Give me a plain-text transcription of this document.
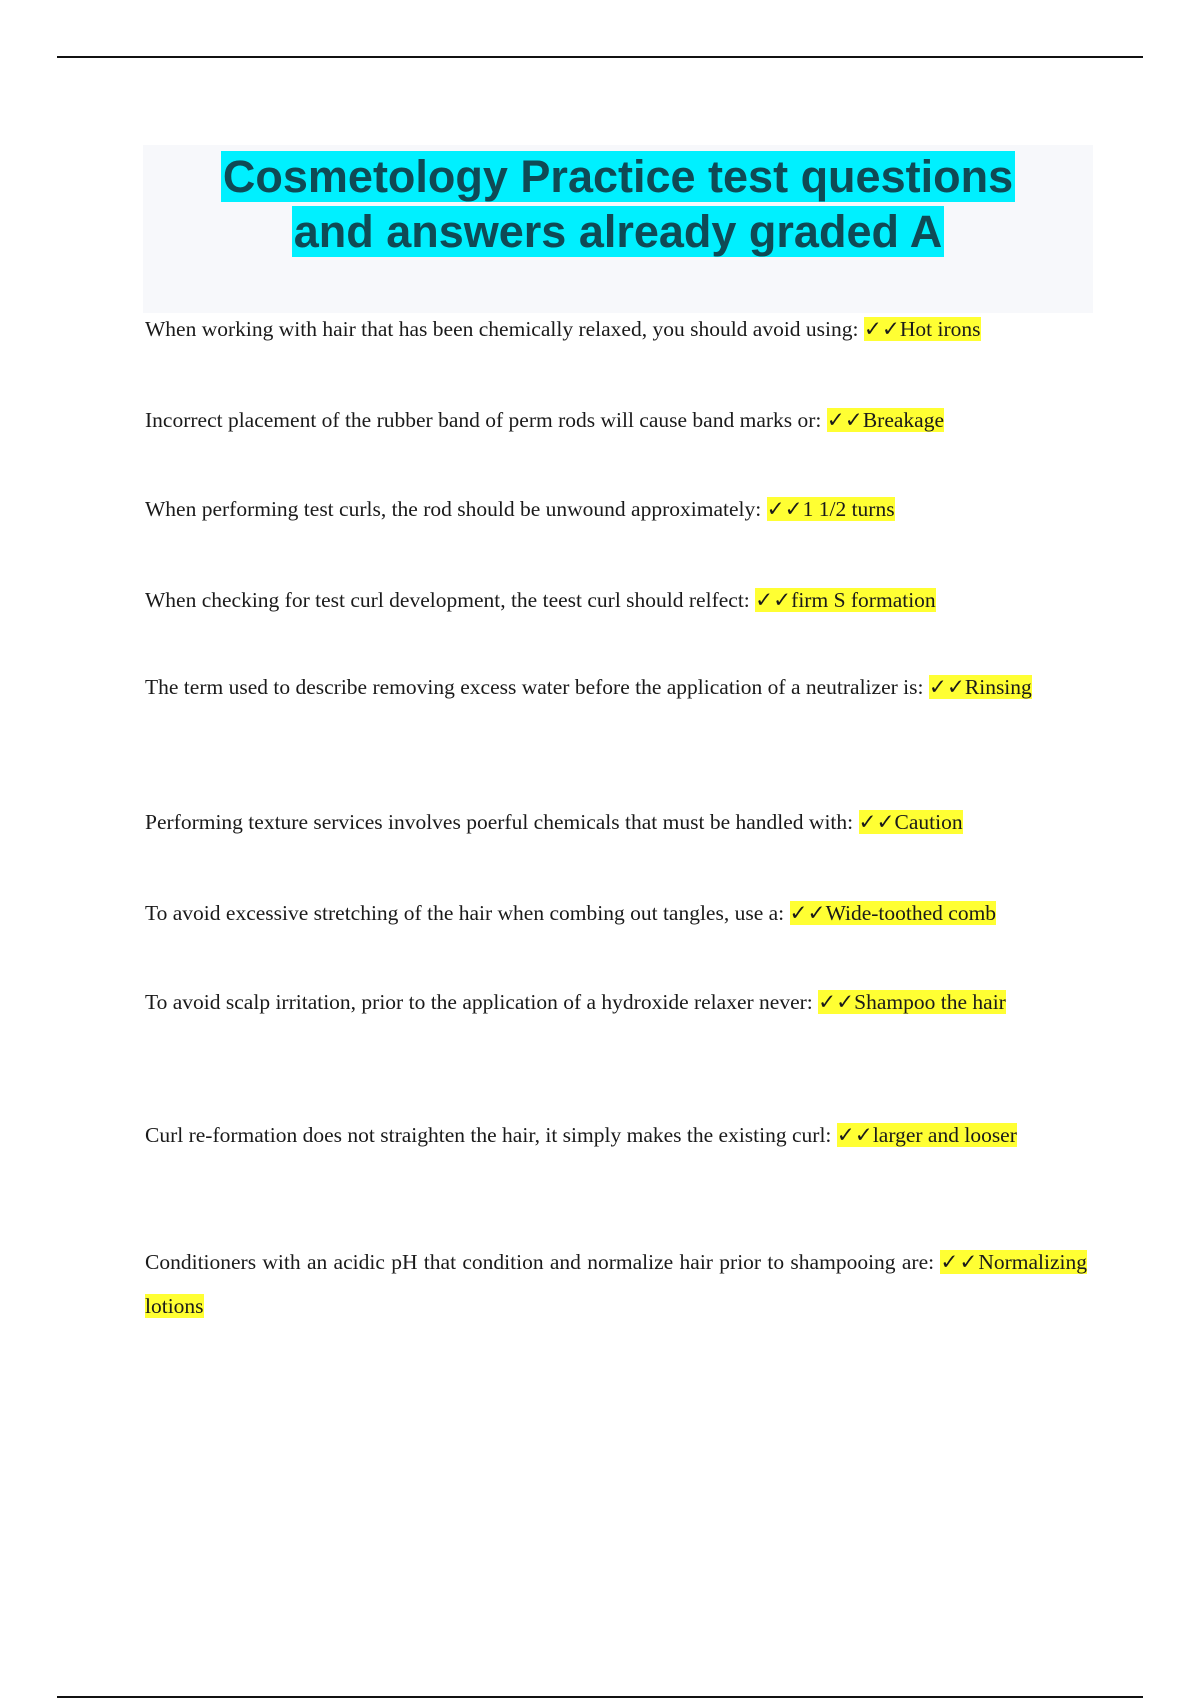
Cosmetology Practice test questions
and answers already graded A

When working with hair that has been chemically relaxed, you should avoid using: ✓✓Hot irons

Incorrect placement of the rubber band of perm rods will cause band marks or: ✓✓Breakage

When performing test curls, the rod should be unwound approximately: ✓✓1 1/2 turns

When checking for test curl development, the teest curl should relfect: ✓✓firm S formation

The term used to describe removing excess water before the application of a neutralizer is: ✓✓Rinsing

Performing texture services involves poerful chemicals that must be handled with: ✓✓Caution

To avoid excessive stretching of the hair when combing out tangles, use a: ✓✓Wide-toothed comb

To avoid scalp irritation, prior to the application of a hydroxide relaxer never: ✓✓Shampoo the hair

Curl re-formation does not straighten the hair, it simply makes the existing curl: ✓✓larger and looser

Conditioners with an acidic pH that condition and normalize hair prior to shampooing are: ✓✓Normalizing lotions
